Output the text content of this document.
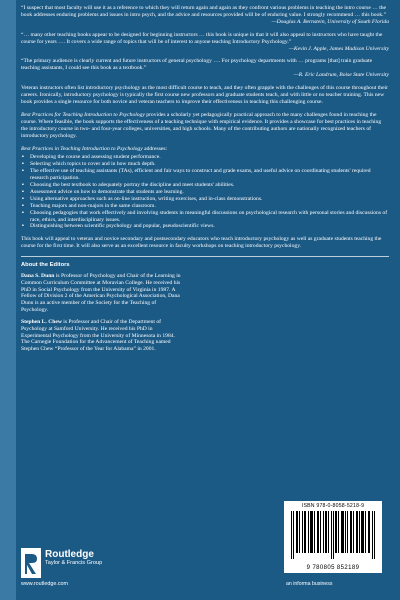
“I suspect that most faculty will use it as a reference to which they will return again and again as they confront various problems in teaching the intro course … the book addresses enduring problems and issues in intro psych, and the advice and resources provided will be of enduring value. I strongly recommend … this book.”
—Douglas A. Bernstein, University of South Florida
“… many other teaching books appear to be designed for beginning instructors … this book is unique in that it will also appeal to instructors who have taught the course for years …. It covers a wide range of topics that will be of interest to anyone teaching Introductory Psychology.”
—Kevin J. Apple, James Madison University
“The primary audience is clearly current and future instructors of general psychology …. For psychology departments with … programs [that] train graduate teaching assistants, I could see this book as a textbook.”
—R. Eric Landrum, Boise State University
Veteran instructors often list introductory psychology as the most difficult course to teach, and they often grapple with the challenges of this course throughout their careers. Ironically, introductory psychology is typically the first course new professors and graduate students teach, and with little or no teacher training. This new book provides a single resource for both novice and veteran teachers to improve their effectiveness in teaching this challenging course.
Best Practices for Teaching Introduction to Psychology provides a scholarly yet pedagogically practical approach to the many challenges found in teaching the course. Where feasible, the book supports the effectiveness of a teaching technique with empirical evidence. It provides a showcase for best practices in teaching the introductory course in two- and four-year colleges, universities, and high schools. Many of the contributing authors are nationally recognized teachers of introductory psychology.
Best Practices in Teaching Introduction to Psychology addresses:
▪ Developing the course and assessing student performance.
▪ Selecting which topics to cover and in how much depth.
▪ The effective use of teaching assistants (TAs), efficient and fair ways to construct and grade exams, and useful advice on coordinating students' required research participation.
▪ Choosing the best textbook to adequately portray the discipline and meet students' abilities.
▪ Assessment advice on how to demonstrate that students are learning.
▪ Using alternative approaches such as on-line instruction, writing exercises, and in-class demonstrations.
▪ Teaching majors and non-majors in the same classroom.
▪ Choosing pedagogies that work effectively and involving students in meaningful discussions on psychological research with personal stories and discussions of race, ethics, and interdisciplinary issues.
▪ Distinguishing between scientific psychology and popular, pseudoscientific views.
This book will appeal to veteran and novice secondary and postsecondary educators who teach introductory psychology as well as graduate students teaching the course for the first time. It will also serve as an excellent resource in faculty workshops on teaching introductory psychology.
About the Editors
Dana S. Dunn is Professor of Psychology and Chair of the Learning in Common Curriculum Committee at Moravian College. He received his PhD in Social Psychology from the University of Virginia in 1987. A Fellow of Division 2 of the American Psychological Association, Dana Dunn is an active member of the Society for the Teaching of Psychology.
Stephen L. Chew is Professor and Chair of the Department of Psychology at Samford University. He received his PhD in Experimental Psychology from the University of Minnesota in 1984. The Carnegie Foundation for the Advancement of Teaching named Stephen Chew “Professor of the Year for Alabama” in 2001.
ISBN 978-0-8058-5218-9
9 780805 852189
Routledge
Taylor & Francis Group
www.routledge.com	an informa business
